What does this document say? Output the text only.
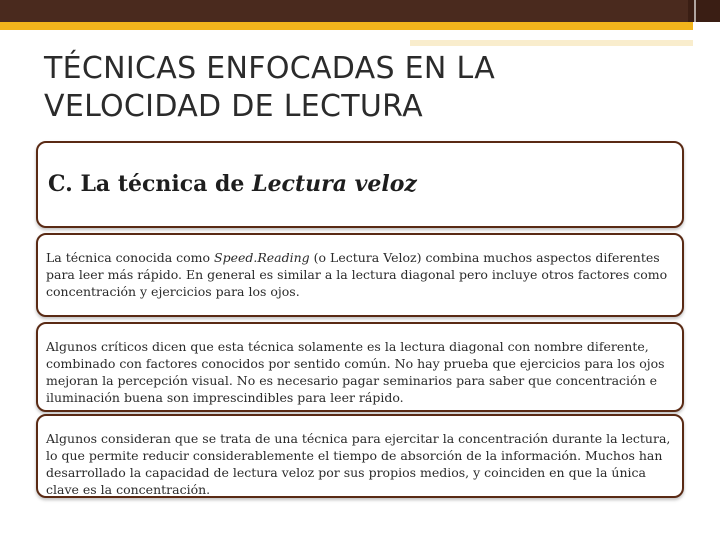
TÉCNICAS ENFOCADAS EN LA
VELOCIDAD DE LECTURA
C. La técnica de Lectura veloz

La técnica conocida como Speed.Reading (o Lectura Veloz) combina muchos aspectos diferentes para leer más rápido. En general es similar a la lectura diagonal pero incluye otros factores como concentración y ejercicios para los ojos.

Algunos críticos dicen que esta técnica solamente es la lectura diagonal con nombre diferente, combinado con factores conocidos por sentido común. No hay prueba que ejercicios para los ojos mejoran la percepción visual. No es necesario pagar seminarios para saber que concentración e iluminación buena son imprescindibles para leer rápido.

Algunos consideran que se trata de una técnica para ejercitar la concentración durante la lectura, lo que permite reducir considerablemente el tiempo de absorción de la información. Muchos han desarrollado la capacidad de lectura veloz por sus propios medios, y coinciden en que la única clave es la concentración.
